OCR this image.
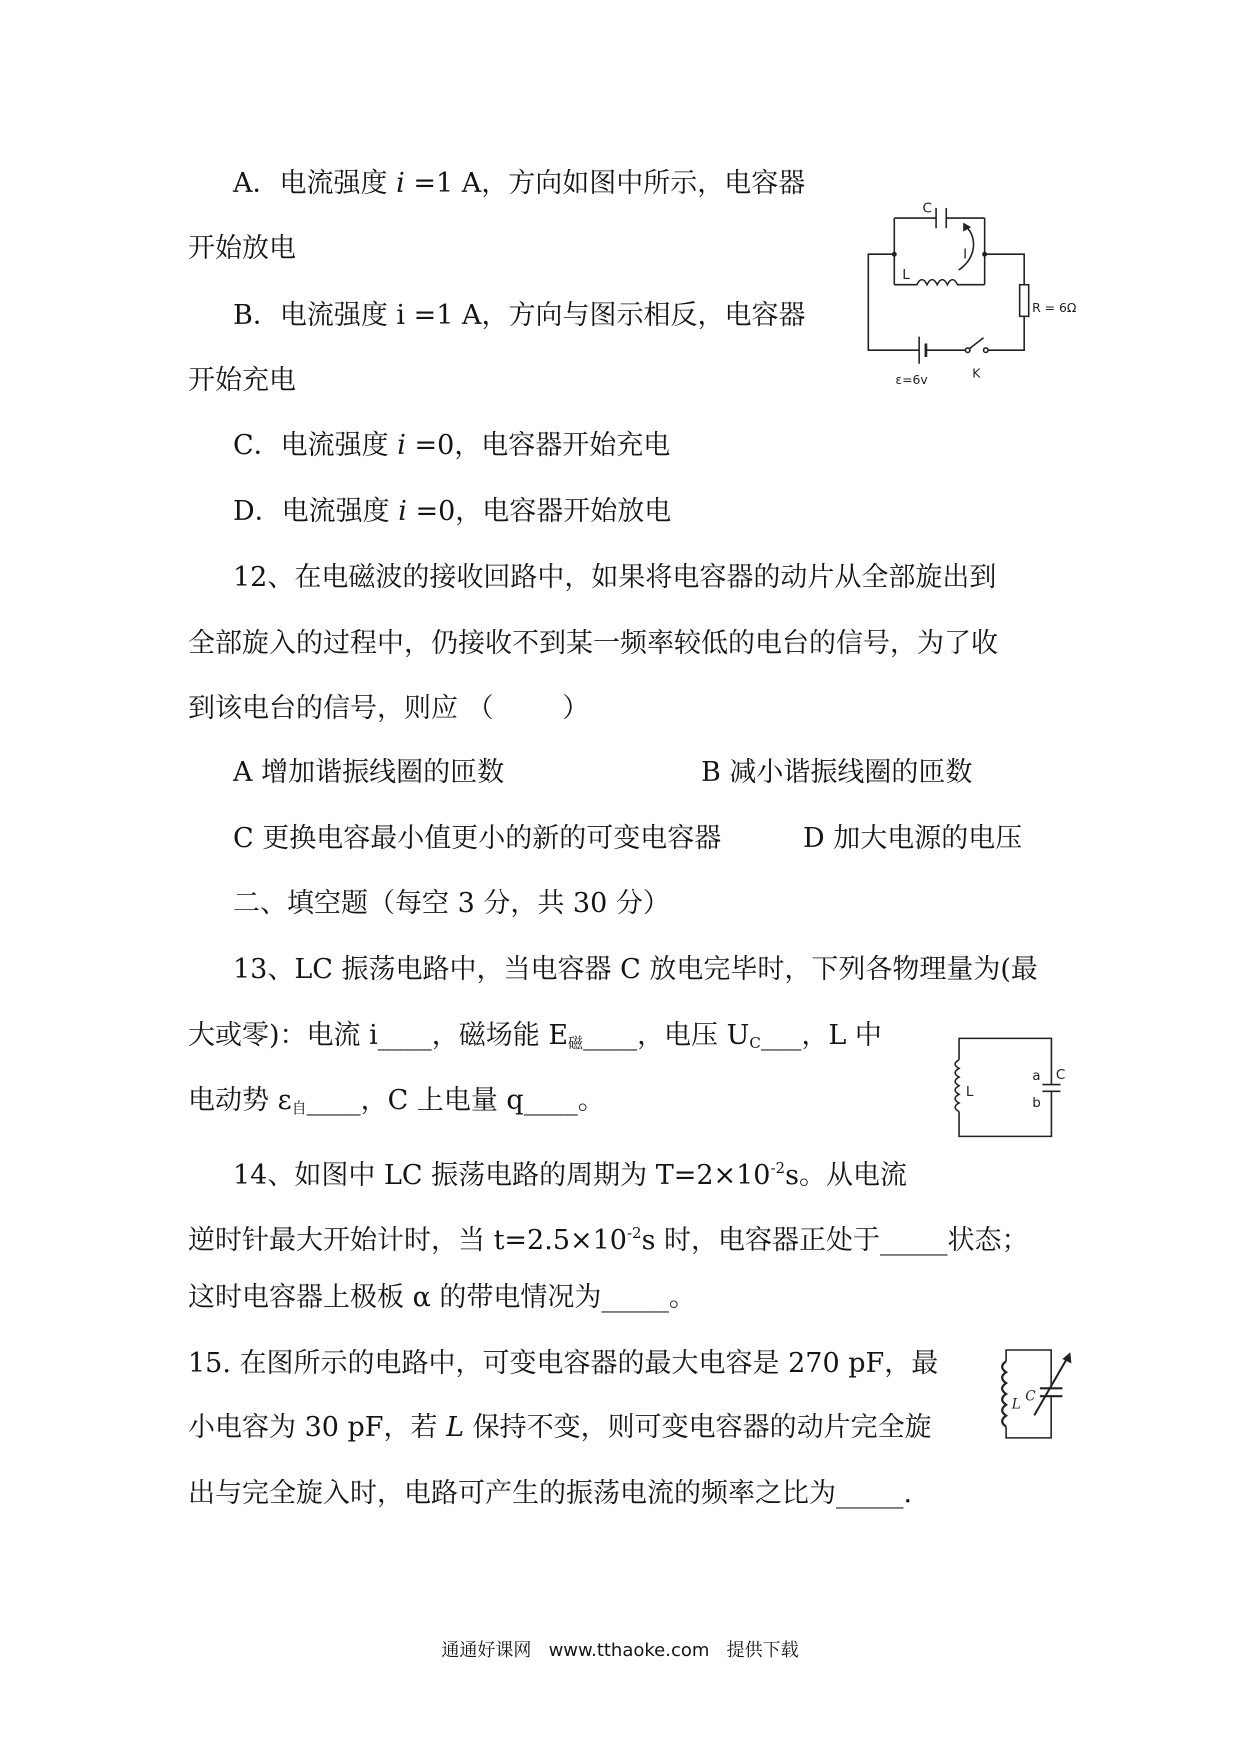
A．电流强度 i =1 A，方向如图中所示，电容器
开始放电
B．电流强度 i =1 A，方向与图示相反，电容器
开始充电
C．电流强度 i =0，电容器开始充电
D．电流强度 i =0，电容器开始放电
C
I
L
R = 6Ω
ε=6v	K
12、在电磁波的接收回路中，如果将电容器的动片从全部旋出到
全部旋入的过程中，仍接收不到某一频率较低的电台的信号，为了收
到该电台的信号，则应 （        ）
A 增加谐振线圈的匝数	B 减小谐振线圈的匝数
C 更换电容最小值更小的新的可变电容器	D 加大电源的电压
二、填空题（每空 3 分，共 30 分）
13、LC 振荡电路中，当电容器 C 放电完毕时，下列各物理量为(最
大或零)：电流 i____，磁场能 $E_磁\_\_\_\_$，电压 $U_C\_\_\_$，L 中
电动势 $\varepsilon_自\_\_\_\_$，C 上电量 q____。	L
a C
b
14、如图中 LC 振荡电路的周期为 $T=2\times 10^{-2}s$。从电流
逆时针最大开始计时，当 $t=2.5\times 10^{-2}s$ 时，电容器正处于_____状态；
这时电容器上极板 α 的带电情况为_____。
15. 在图所示的电路中，可变电容器的最大电容是 270 pF，最
小电容为 30 pF，若 L 保持不变，则可变电容器的动片完全旋
出与完全旋入时，电路可产生的振荡电流的频率之比为_____.
L C
通通好课网   www.tthaoke.com   提供下载
